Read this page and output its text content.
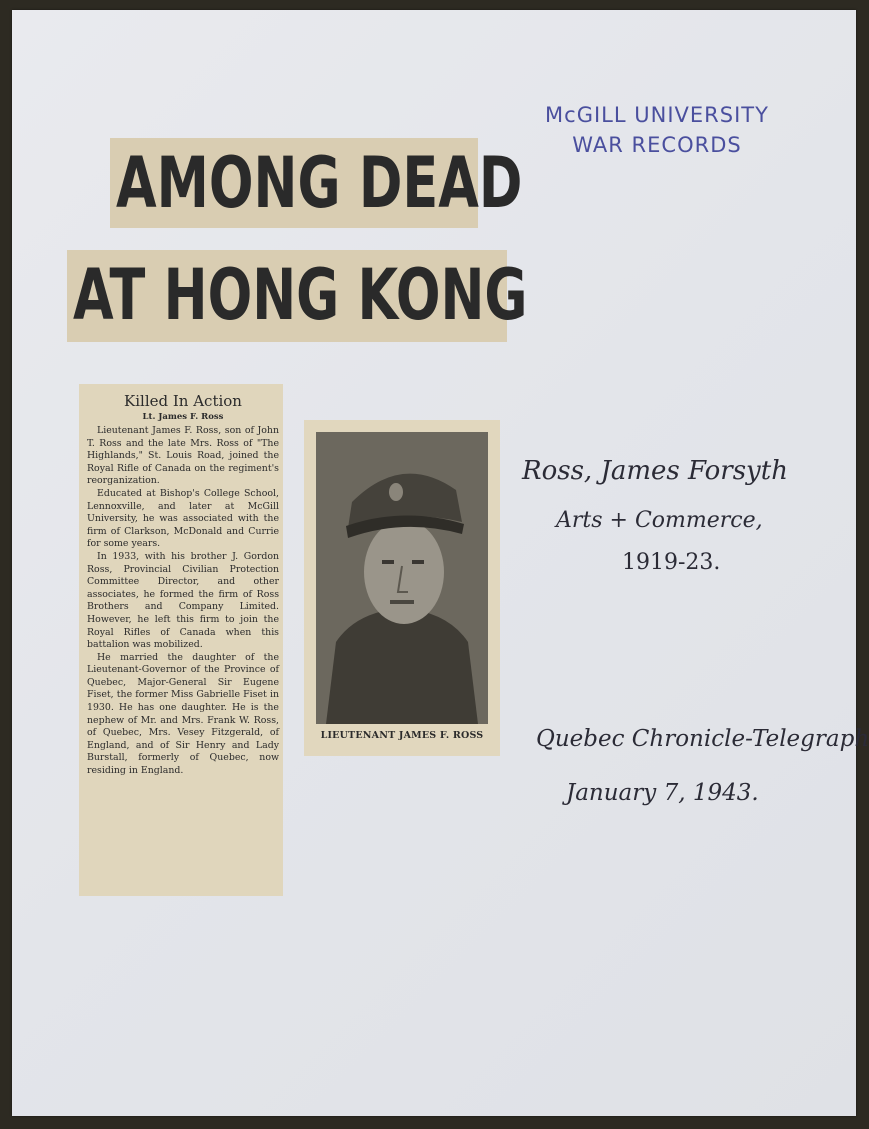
McGILL UNIVERSITY
WAR RECORDS
AMONG DEAD
AT HONG KONG
Killed In Action
Lt. James F. Ross

Lieutenant James F. Ross, son of John T. Ross and the late Mrs. Ross of "The Highlands," St. Louis Road, joined the Royal Rifle of Canada on the regiment's reorganization.

Educated at Bishop's College School, Lennoxville, and later at McGill University, he was associated with the firm of Clarkson, McDonald and Currie for some years.

In 1933, with his brother J. Gordon Ross, Provincial Civilian Protection Committee Director, and other associates, he formed the firm of Ross Brothers and Company Limited. However, he left this firm to join the Royal Rifles of Canada when this battalion was mobilized.

He married the daughter of the Lieutenant-Governor of the Province of Quebec, Major-General Sir Eugene Fiset, the former Miss Gabrielle Fiset in 1930. He has one daughter. He is the nephew of Mr. and Mrs. Frank W. Ross, of Quebec, Mrs. Vesey Fitzgerald, of England, and of Sir Henry and Lady Burstall, formerly of Quebec, now residing in England.

LIEUTENANT JAMES F. ROSS
Ross, James Forsyth
Arts + Commerce,
1919-23.
Quebec Chronicle-Telegraph
January 7, 1943.
